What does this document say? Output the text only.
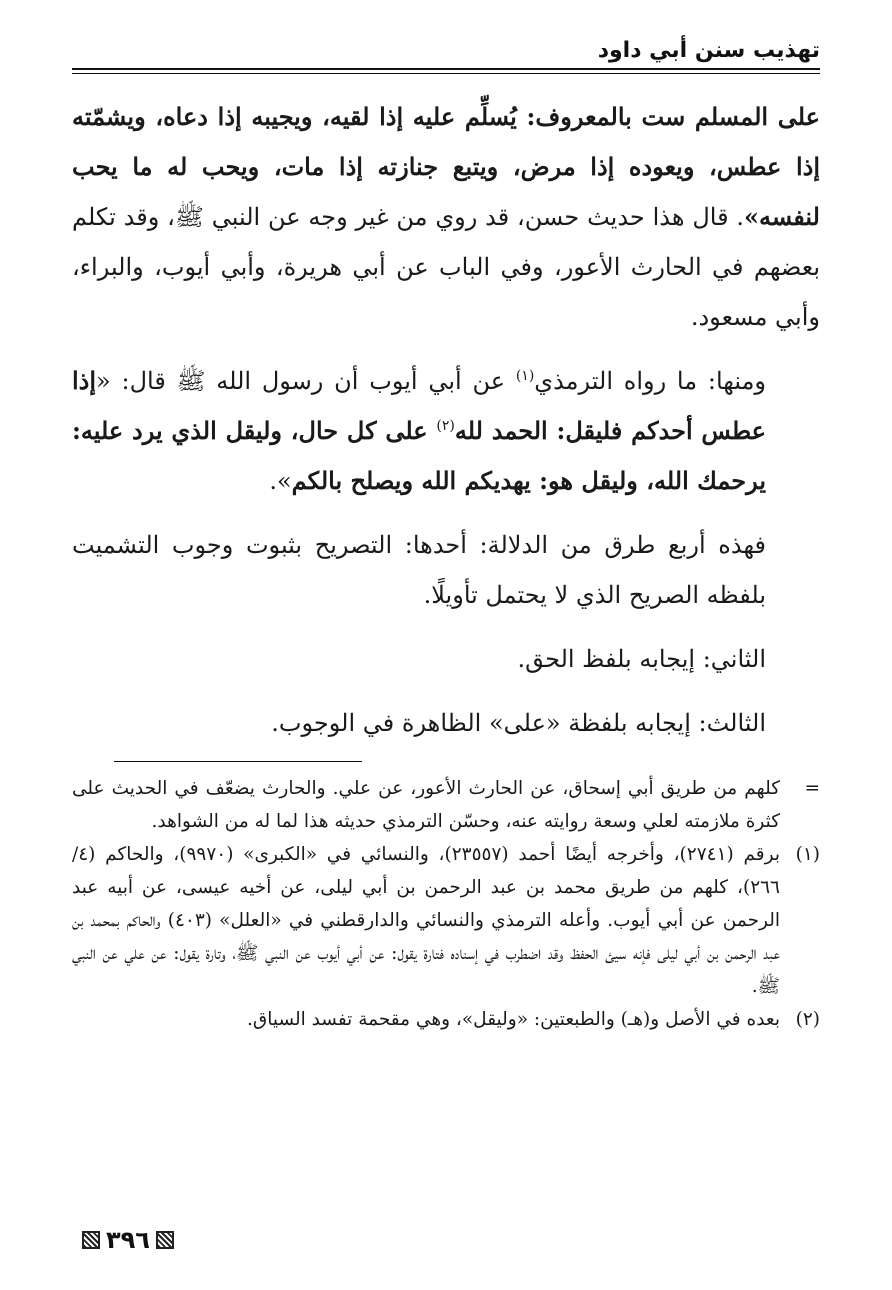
تهذيب سنن أبي داود

على المسلم ست بالمعروف: يُسلِّم عليه إذا لقيه، ويجيبه إذا دعاه، ويشمّته إذا عطس، ويعوده إذا مرض، ويتبع جنازته إذا مات، ويحب له ما يحب لنفسه». قال هذا حديث حسن، قد روي من غير وجه عن النبي ﷺ، وقد تكلم بعضهم في الحارث الأعور، وفي الباب عن أبي هريرة، وأبي أيوب، والبراء، وأبي مسعود.

ومنها: ما رواه الترمذي$^{(١)}$ عن أبي أيوب أن رسول الله ﷺ قال: «إذا عطس أحدكم فليقل: الحمد لله$^{(٢)}$ على كل حال، وليقل الذي يرد عليه: يرحمك الله، وليقل هو: يهديكم الله ويصلح بالكم».

فهذه أربع طرق من الدلالة: أحدها: التصريح بثبوت وجوب التشميت بلفظه الصريح الذي لا يحتمل تأويلًا.

الثاني: إيجابه بلفظ الحق.

الثالث: إيجابه بلفظة «على» الظاهرة في الوجوب.

=
كلهم من طريق أبي إسحاق، عن الحارث الأعور، عن علي. والحارث يضعّف في الحديث على كثرة ملازمته لعلي وسعة روايته عنه، وحسّن الترمذي حديثه هذا لما له من الشواهد.

(١)
برقم (٢٧٤١)، وأخرجه أيضًا أحمد (٢٣٥٥٧)، والنسائي في «الكبرى» (٩٩٧٠)، والحاكم (٤/ ٢٦٦)، كلهم من طريق محمد بن عبد الرحمن بن أبي ليلى، عن أخيه عيسى، عن أبيه عبد الرحمن عن أبي أيوب. وأعله الترمذي والنسائي والدارقطني في «العلل» (٤٠٣) والحاكم بمحمد بن عبد الرحمن بن أبي ليلى فإنه سيئ الحفظ وقد اضطرب في إسناده فتارة يقول: عن أبي أيوب عن النبي ﷺ، وتارة يقول: عن علي عن النبي ﷺ.

(٢)
بعده في الأصل و(هـ) والطبعتين: «وليقل»، وهي مقحمة تفسد السياق.

٣٩٦
